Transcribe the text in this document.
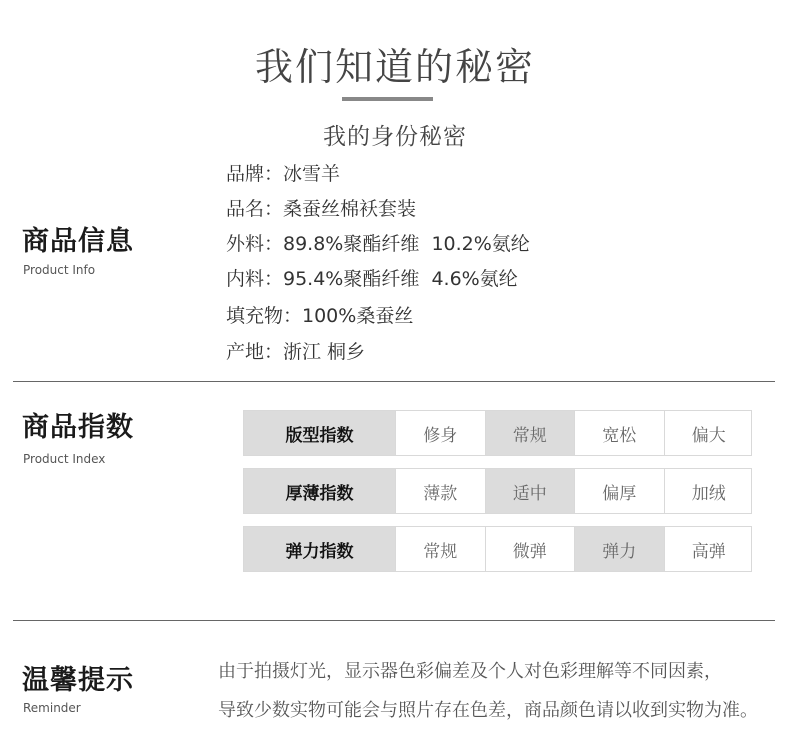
我们知道的秘密
我的身份秘密
商品信息
Product Info
品牌：冰雪羊
品名：桑蚕丝棉袄套装
外料：89.8%聚酯纤维  10.2%氨纶
内料：95.4%聚酯纤维  4.6%氨纶
填充物：100%桑蚕丝
产地：浙江 桐乡
商品指数
Product Index
版型指数	修身	常规	宽松	偏大
厚薄指数	薄款	适中	偏厚	加绒
弹力指数	常规	微弹	弹力	高弹
温馨提示
Reminder
由于拍摄灯光，显示器色彩偏差及个人对色彩理解等不同因素，
导致少数实物可能会与照片存在色差，商品颜色请以收到实物为准。
